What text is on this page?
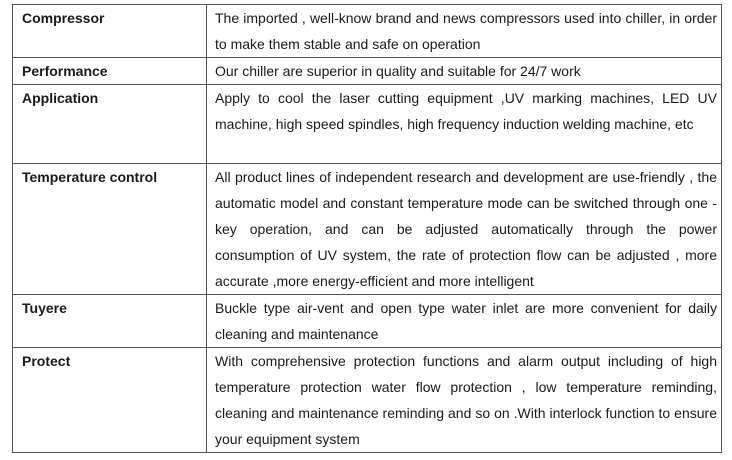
Compressor	The imported , well-know brand and news compressors used into chiller, in order to make them stable and safe on operation
Performance	Our chiller are superior in quality and suitable for 24/7 work
Application	Apply to cool the laser cutting equipment ,UV marking machines, LED UV machine, high speed spindles, high frequency induction welding machine, etc
Temperature control	All product lines of independent research and development are use-friendly , the automatic model and constant temperature mode can be switched through one -key operation, and can be adjusted automatically through the power consumption of UV system, the rate of protection flow can be adjusted , more accurate ,more energy-efficient and more intelligent
Tuyere	Buckle type air-vent and open type water inlet are more convenient for daily cleaning and maintenance
Protect	With comprehensive protection functions and alarm output including of high temperature protection water flow protection , low temperature reminding, cleaning and maintenance reminding and so on .With interlock function to ensure your equipment system
